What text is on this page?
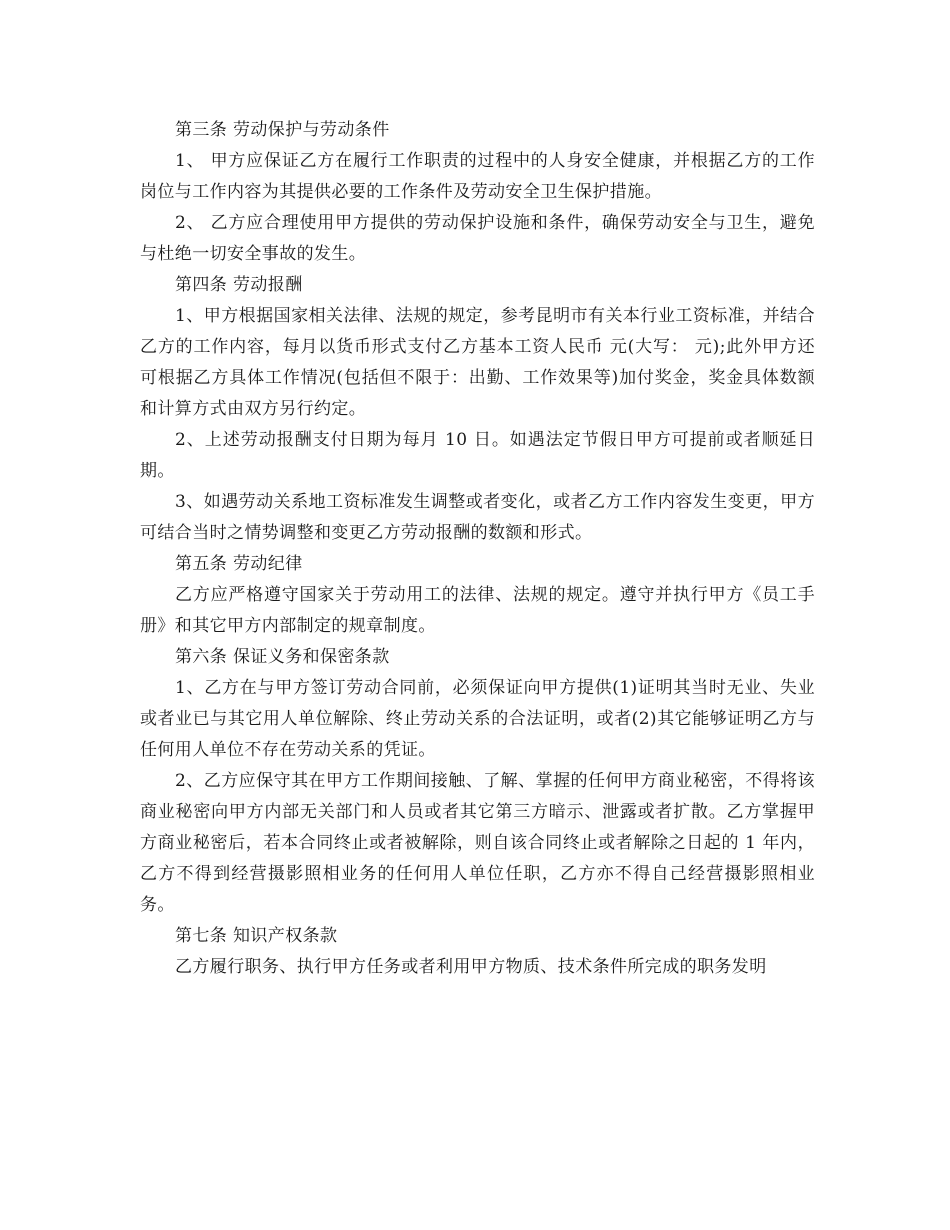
第三条 劳动保护与劳动条件

1、 甲方应保证乙方在履行工作职责的过程中的人身安全健康，并根据乙方的工作岗位与工作内容为其提供必要的工作条件及劳动安全卫生保护措施。

2、 乙方应合理使用甲方提供的劳动保护设施和条件，确保劳动安全与卫生，避免与杜绝一切安全事故的发生。

第四条 劳动报酬

1、甲方根据国家相关法律、法规的规定，参考昆明市有关本行业工资标准，并结合乙方的工作内容，每月以货币形式支付乙方基本工资人民币 元(大写： 元);此外甲方还可根据乙方具体工作情况(包括但不限于：出勤、工作效果等)加付奖金，奖金具体数额和计算方式由双方另行约定。

2、上述劳动报酬支付日期为每月 10 日。如遇法定节假日甲方可提前或者顺延日期。

3、如遇劳动关系地工资标准发生调整或者变化，或者乙方工作内容发生变更，甲方可结合当时之情势调整和变更乙方劳动报酬的数额和形式。

第五条 劳动纪律

乙方应严格遵守国家关于劳动用工的法律、法规的规定。遵守并执行甲方《员工手册》和其它甲方内部制定的规章制度。

第六条 保证义务和保密条款

1、乙方在与甲方签订劳动合同前，必须保证向甲方提供(1)证明其当时无业、失业或者业已与其它用人单位解除、终止劳动关系的合法证明，或者(2)其它能够证明乙方与任何用人单位不存在劳动关系的凭证。

2、乙方应保守其在甲方工作期间接触、了解、掌握的任何甲方商业秘密，不得将该商业秘密向甲方内部无关部门和人员或者其它第三方暗示、泄露或者扩散。乙方掌握甲方商业秘密后，若本合同终止或者被解除，则自该合同终止或者解除之日起的 1 年内，乙方不得到经营摄影照相业务的任何用人单位任职，乙方亦不得自己经营摄影照相业务。

第七条 知识产权条款

乙方履行职务、执行甲方任务或者利用甲方物质、技术条件所完成的职务发明
